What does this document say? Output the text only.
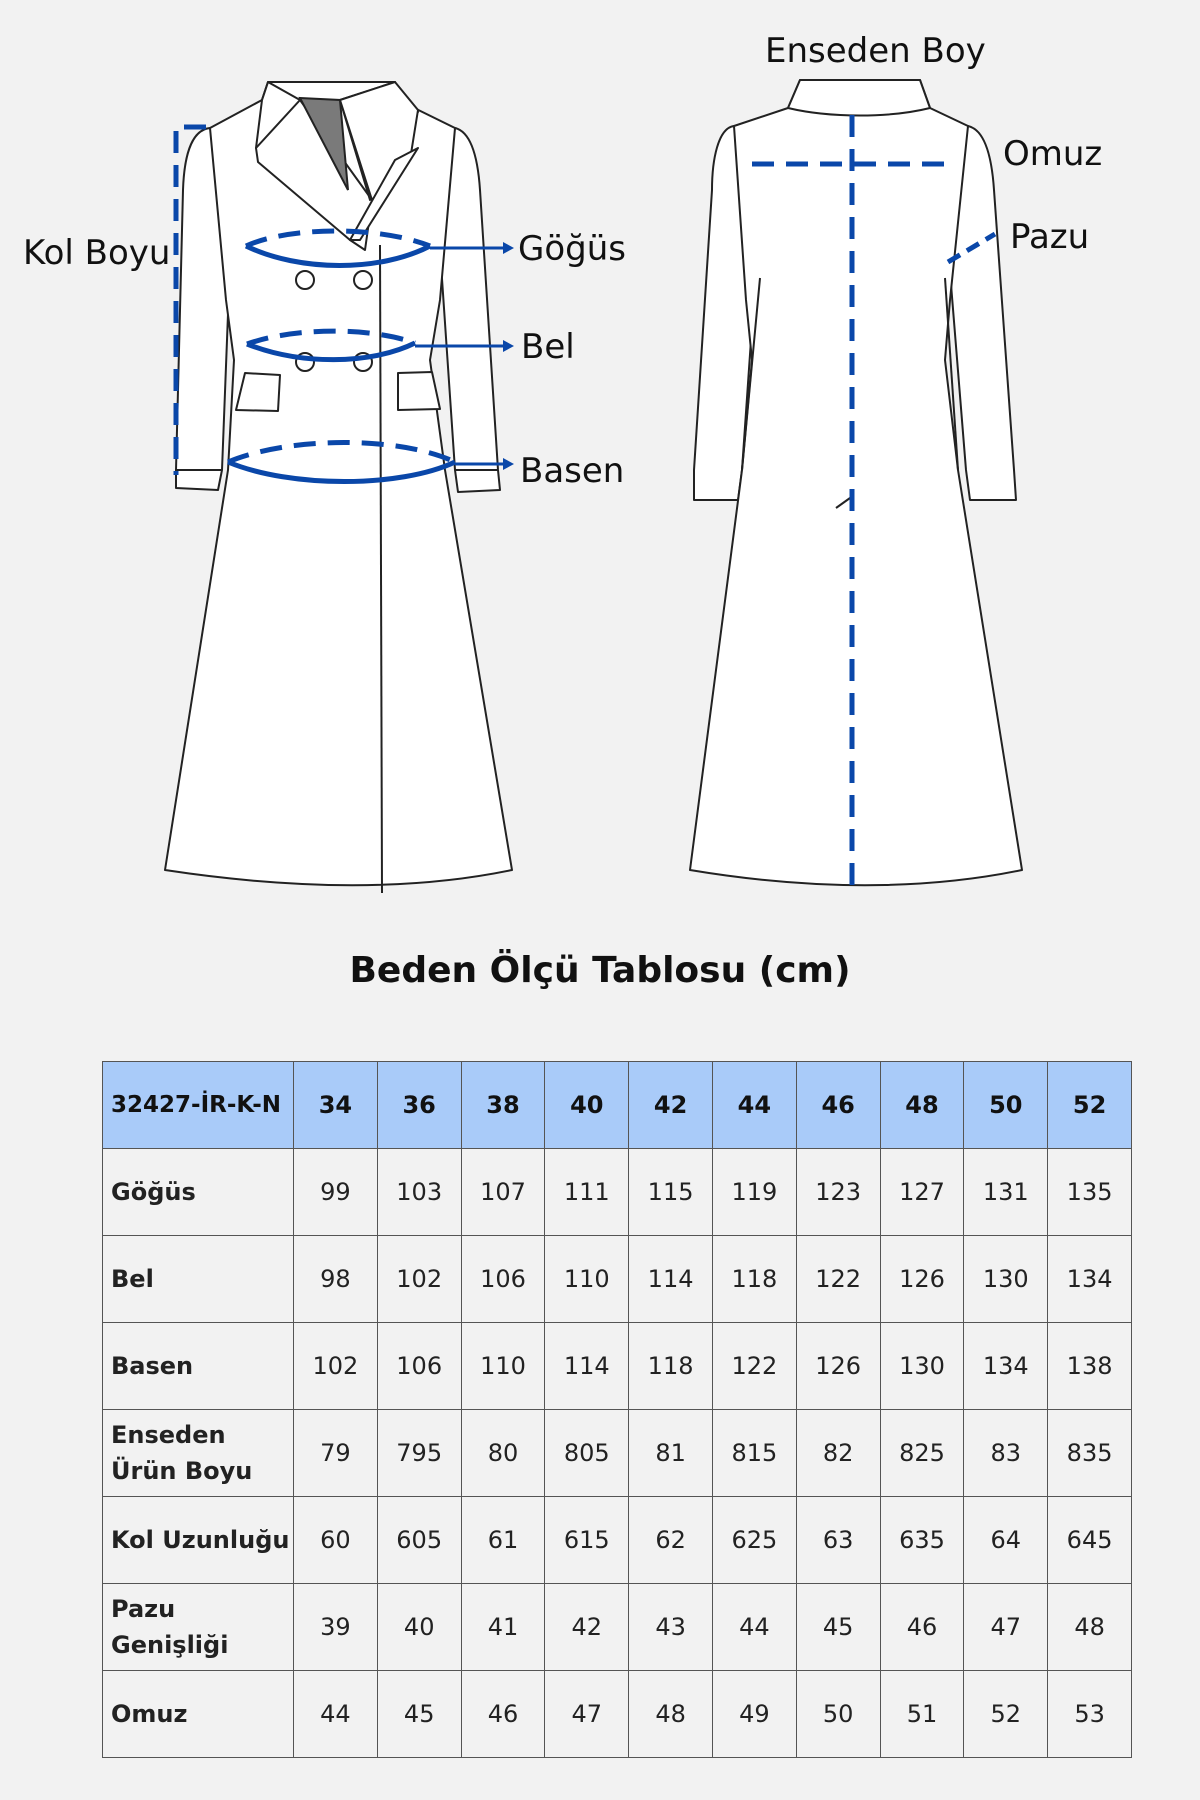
Kol Boyu	Göğüs
Bel
Basen
Enseden Boy
Omuz
Pazu
Beden Ölçü Tablosu (cm)
32427-İR-K-N	34	36	38	40	42	44	46	48	50	52
Göğüs	99	103	107	111	115	119	123	127	131	135
Bel	98	102	106	110	114	118	122	126	130	134
Basen	102	106	110	114	118	122	126	130	134	138
Enseden Ürün Boyu	79	795	80	805	81	815	82	825	83	835
Kol Uzunluğu	60	605	61	615	62	625	63	635	64	645
Pazu Genişliği	39	40	41	42	43	44	45	46	47	48
Omuz	44	45	46	47	48	49	50	51	52	53
